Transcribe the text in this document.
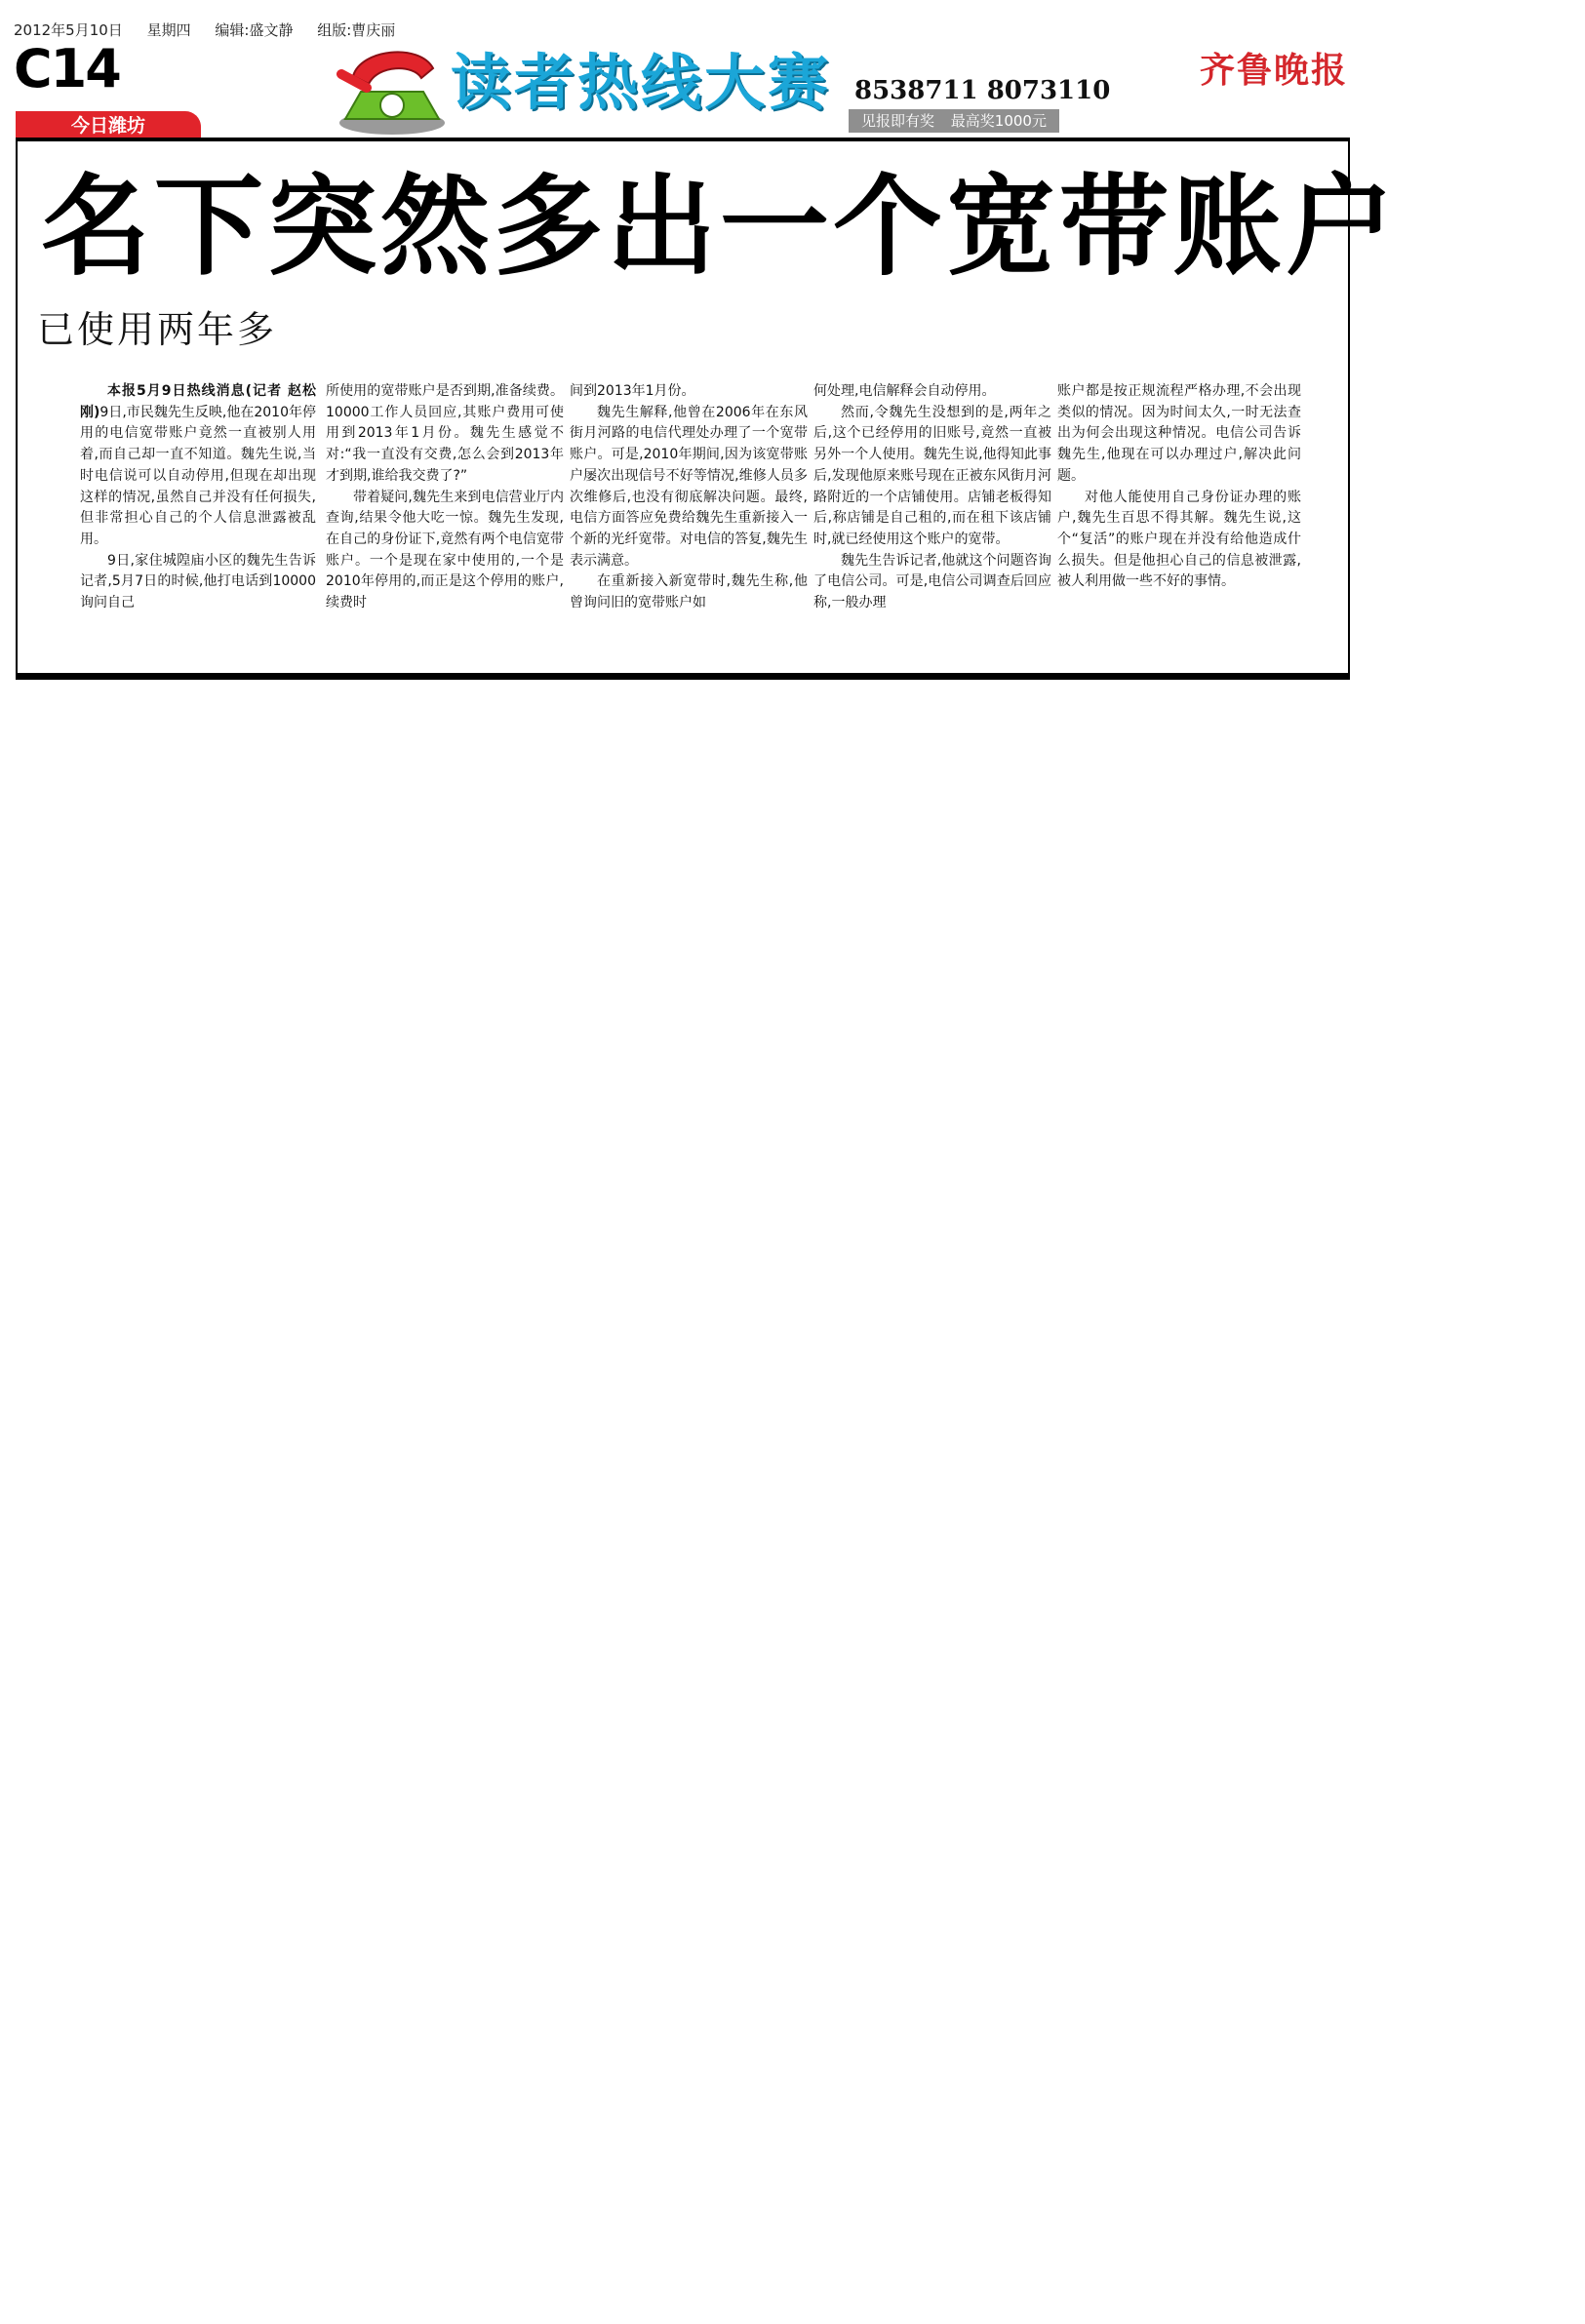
2012年5月10日 星期四 编辑:盛文静 组版:曹庆丽
C14	读者热线大赛 8538711 8073110
见报即有奖 最高奖1000元
齐鲁晚报
今日潍坊
名下突然多出一个宽带账户
已使用两年多

本报5月9日热线消息(记者 赵松刚)9日,市民魏先生反映,他在2010年停用的电信宽带账户竟然一直被别人用着,而自己却一直不知道。魏先生说,当时电信说可以自动停用,但现在却出现这样的情况,虽然自己并没有任何损失,但非常担心自己的个人信息泄露被乱用。

9日,家住城隍庙小区的魏先生告诉记者,5月7日的时候,他打电话到10000询问自己

所使用的宽带账户是否到期,准备续费。10000工作人员回应,其账户费用可使用到2013年1月份。魏先生感觉不对:“我一直没有交费,怎么会到2013年才到期,谁给我交费了?”

带着疑问,魏先生来到电信营业厅内查询,结果令他大吃一惊。魏先生发现,在自己的身份证下,竟然有两个电信宽带账户。一个是现在家中使用的,一个是2010年停用的,而正是这个停用的账户,续费时

间到2013年1月份。

魏先生解释,他曾在2006年在东风街月河路的电信代理处办理了一个宽带账户。可是,2010年期间,因为该宽带账户屡次出现信号不好等情况,维修人员多次维修后,也没有彻底解决问题。最终,电信方面答应免费给魏先生重新接入一个新的光纤宽带。对电信的答复,魏先生表示满意。

在重新接入新宽带时,魏先生称,他曾询问旧的宽带账户如

何处理,电信解释会自动停用。

然而,令魏先生没想到的是,两年之后,这个已经停用的旧账号,竟然一直被另外一个人使用。魏先生说,他得知此事后,发现他原来账号现在正被东风街月河路附近的一个店铺使用。店铺老板得知后,称店铺是自己租的,而在租下该店铺时,就已经使用这个账户的宽带。

魏先生告诉记者,他就这个问题咨询了电信公司。可是,电信公司调查后回应称,一般办理

账户都是按正规流程严格办理,不会出现类似的情况。因为时间太久,一时无法查出为何会出现这种情况。电信公司告诉魏先生,他现在可以办理过户,解决此问题。

对他人能使用自己身份证办理的账户,魏先生百思不得其解。魏先生说,这个“复活”的账户现在并没有给他造成什么损失。但是他担心自己的信息被泄露,被人利用做一些不好的事情。
